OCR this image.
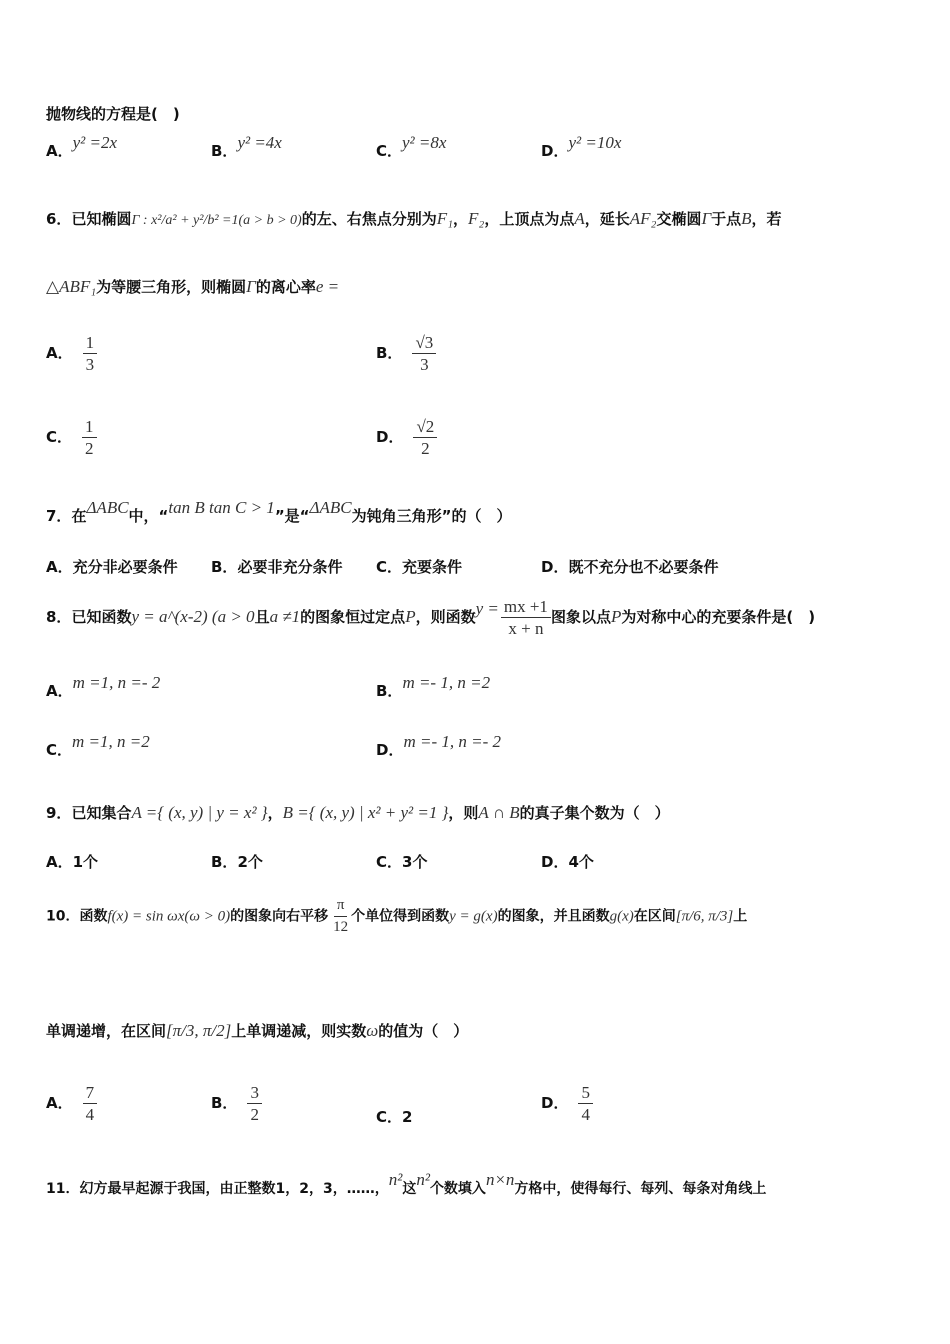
抛物线的方程是(　)
A．y² =2x	B．y² =4x	C．y² =8x	D．y² =10x
6．已知椭圆Γ : x²/a² + y²/b² =1(a > b > 0)的左、右焦点分别为F₁，F₂，上顶点为点A，延长AF₂交椭圆Γ于点B，若
△ABF₁为等腰三角形，则椭圆Γ的离心率e =
A． $\frac{1}{3}$	B． $\frac{√3}{3}$
C． $\frac{1}{2}$	D． $\frac{√2}{2}$
7．在ΔABC中，“tan B tan C > 1”是“ΔABC为钝角三角形”的（　）
A．充分非必要条件 B．必要非充分条件 C．充要条件	D．既不充分也不必要条件
8．已知函数y = a^(x-2) (a > 0且a ≠1的图象恒过定点P，则函数$y = \frac{mx +1}{x + n}$ 图象以点P为对称中心的充要条件是(　)
A．m =1, n =- 2	B．m =- 1, n =2
C．m =1, n =2	D．m =- 1, n =- 2
9．已知集合A ={ (x, y) | y = x² }，B ={ (x, y) | x² + y² =1 }，则A ∩ B的真子集个数为（　）
A．1个	B．2个	C．3个	D．4个
10．函数f(x) = sin ωx(ω > 0)的图象向右平移 $\frac{\pi}{12}$ 个单位得到函数y = g(x)的图象，并且函数g(x)在区间[π/6, π/3]上
单调递增，在区间[π/3, π/2]上单调递减，则实数ω的值为（　）
A． $\frac{7}{4}$	B． $\frac{3}{2}$	C．2
D． $\frac{5}{4}$
11．幻方最早起源于我国，由正整数1，2，3，……，n²这n²个数填入n×n方格中，使得每行、每列、每条对角线上
